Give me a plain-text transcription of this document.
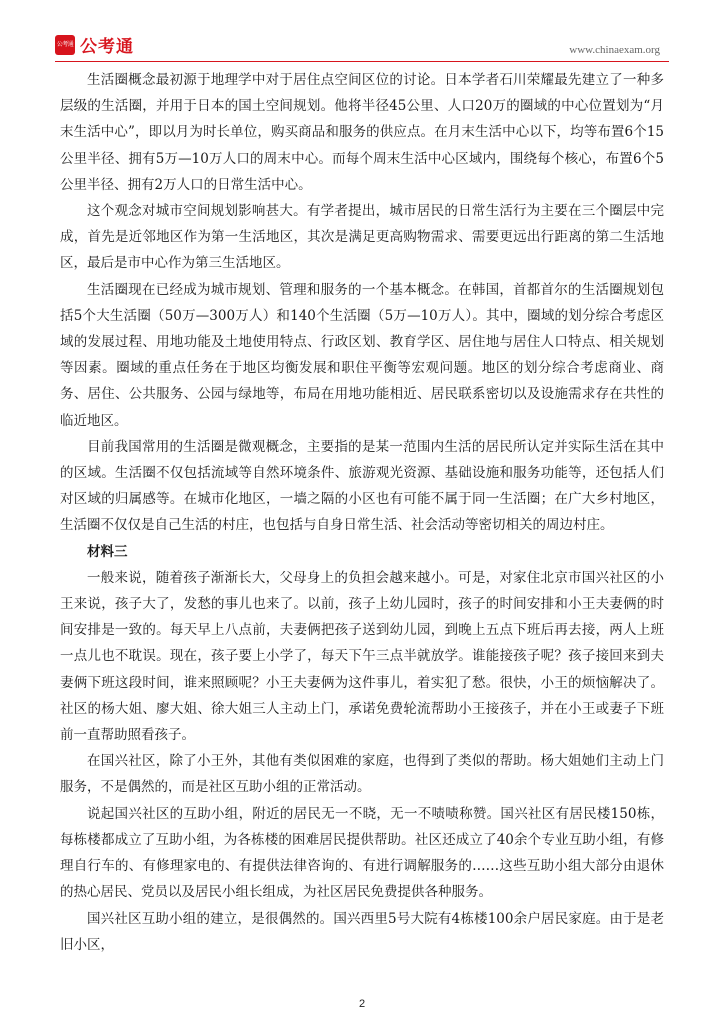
公考通 公考通	www.chinaexam.org

生活圈概念最初源于地理学中对于居住点空间区位的讨论。日本学者石川荣耀最先建立了一种多层级的生活圈，并用于日本的国土空间规划。他将半径45公里、人口20万的圈域的中心位置划为“月末生活中心”，即以月为时长单位，购买商品和服务的供应点。在月末生活中心以下，均等布置6个15公里半径、拥有5万—10万人口的周末中心。而每个周末生活中心区域内，围绕每个核心，布置6个5公里半径、拥有2万人口的日常生活中心。

这个观念对城市空间规划影响甚大。有学者提出，城市居民的日常生活行为主要在三个圈层中完成，首先是近邻地区作为第一生活地区，其次是满足更高购物需求、需要更远出行距离的第二生活地区，最后是市中心作为第三生活地区。

生活圈现在已经成为城市规划、管理和服务的一个基本概念。在韩国，首都首尔的生活圈规划包括5个大生活圈（50万—300万人）和140个生活圈（5万—10万人）。其中，圈域的划分综合考虑区域的发展过程、用地功能及土地使用特点、行政区划、教育学区、居住地与居住人口特点、相关规划等因素。圈域的重点任务在于地区均衡发展和职住平衡等宏观问题。地区的划分综合考虑商业、商务、居住、公共服务、公园与绿地等，布局在用地功能相近、居民联系密切以及设施需求存在共性的临近地区。

目前我国常用的生活圈是微观概念，主要指的是某一范围内生活的居民所认定并实际生活在其中的区域。生活圈不仅包括流域等自然环境条件、旅游观光资源、基础设施和服务功能等，还包括人们对区域的归属感等。在城市化地区，一墙之隔的小区也有可能不属于同一生活圈；在广大乡村地区，生活圈不仅仅是自己生活的村庄，也包括与自身日常生活、社会活动等密切相关的周边村庄。

材料三

一般来说，随着孩子渐渐长大，父母身上的负担会越来越小。可是，对家住北京市国兴社区的小王来说，孩子大了，发愁的事儿也来了。以前，孩子上幼儿园时，孩子的时间安排和小王夫妻俩的时间安排是一致的。每天早上八点前，夫妻俩把孩子送到幼儿园，到晚上五点下班后再去接，两人上班一点儿也不耽误。现在，孩子要上小学了，每天下午三点半就放学。谁能接孩子呢？孩子接回来到夫妻俩下班这段时间，谁来照顾呢？小王夫妻俩为这件事儿，着实犯了愁。很快，小王的烦恼解决了。社区的杨大姐、廖大姐、徐大姐三人主动上门，承诺免费轮流帮助小王接孩子，并在小王或妻子下班前一直帮助照看孩子。

在国兴社区，除了小王外，其他有类似困难的家庭，也得到了类似的帮助。杨大姐她们主动上门服务，不是偶然的，而是社区互助小组的正常活动。

说起国兴社区的互助小组，附近的居民无一不晓，无一不啧啧称赞。国兴社区有居民楼150栋，每栋楼都成立了互助小组，为各栋楼的困难居民提供帮助。社区还成立了40余个专业互助小组，有修理自行车的、有修理家电的、有提供法律咨询的、有进行调解服务的……这些互助小组大部分由退休的热心居民、党员以及居民小组长组成，为社区居民免费提供各种服务。

国兴社区互助小组的建立，是很偶然的。国兴西里5号大院有4栋楼100余户居民家庭。由于是老旧小区，

2
